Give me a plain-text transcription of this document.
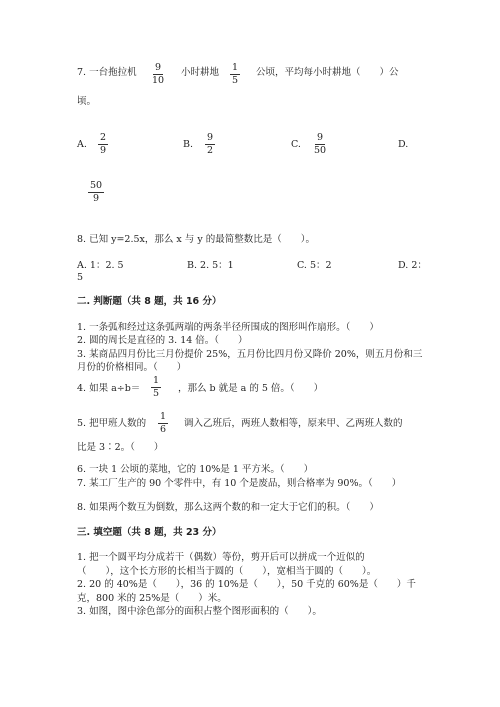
7. 一台拖拉机 $\frac{9}{10}$ 小时耕地 $\frac{1}{5}$ 公顷，平均每小时耕地（　　）公
顷。
A. $\frac{2}{9}$	B. $\frac{9}{2}$	C. $\frac{9}{50}$	D.
$\frac{50}{9}$
8. 已知 y=2.5x，那么 x 与 y 的最简整数比是（　　）。
A. 1：2. 5	B. 2. 5：1	C. 5：2	D. 2：
5
二. 判断题（共 8 题，共 16 分）
1. 一条弧和经过这条弧两端的两条半径所围成的图形叫作扇形。（　　）
2. 圆的周长是直径的 3. 14 倍。（　　）
3. 某商品四月份比三月份提价 25%，五月份比四月份又降价 20%，则五月份和三
月份的价格相同。（　　）
4. 如果 $a\div b= \frac{1}{5}$ ，那么 b 就是 a 的 5 倍。（　　）
5. 把甲班人数的 $\frac{1}{6}$ 调入乙班后，两班人数相等，原来甲、乙两班人数的
比是 3∶2。（　　）
6. 一块 1 公顷的菜地，它的 10%是 1 平方米。（　　）
7. 某工厂生产的 90 个零件中，有 10 个是废品，则合格率为 90%。（　　）
8. 如果两个数互为倒数，那么这两个数的和一定大于它们的积。（　　）
三. 填空题（共 8 题，共 23 分）
1. 把一个圆平均分成若干（偶数）等份，剪开后可以拼成一个近似的
（　　），这个长方形的长相当于圆的（　　），宽相当于圆的（　　）。
2. 20 的 40%是（　　），36 的 10%是（　　），50 千克的 60%是（　　）千
克，800 米的 25%是（　　）米。
3. 如图，图中涂色部分的面积占整个图形面积的（　　）。
